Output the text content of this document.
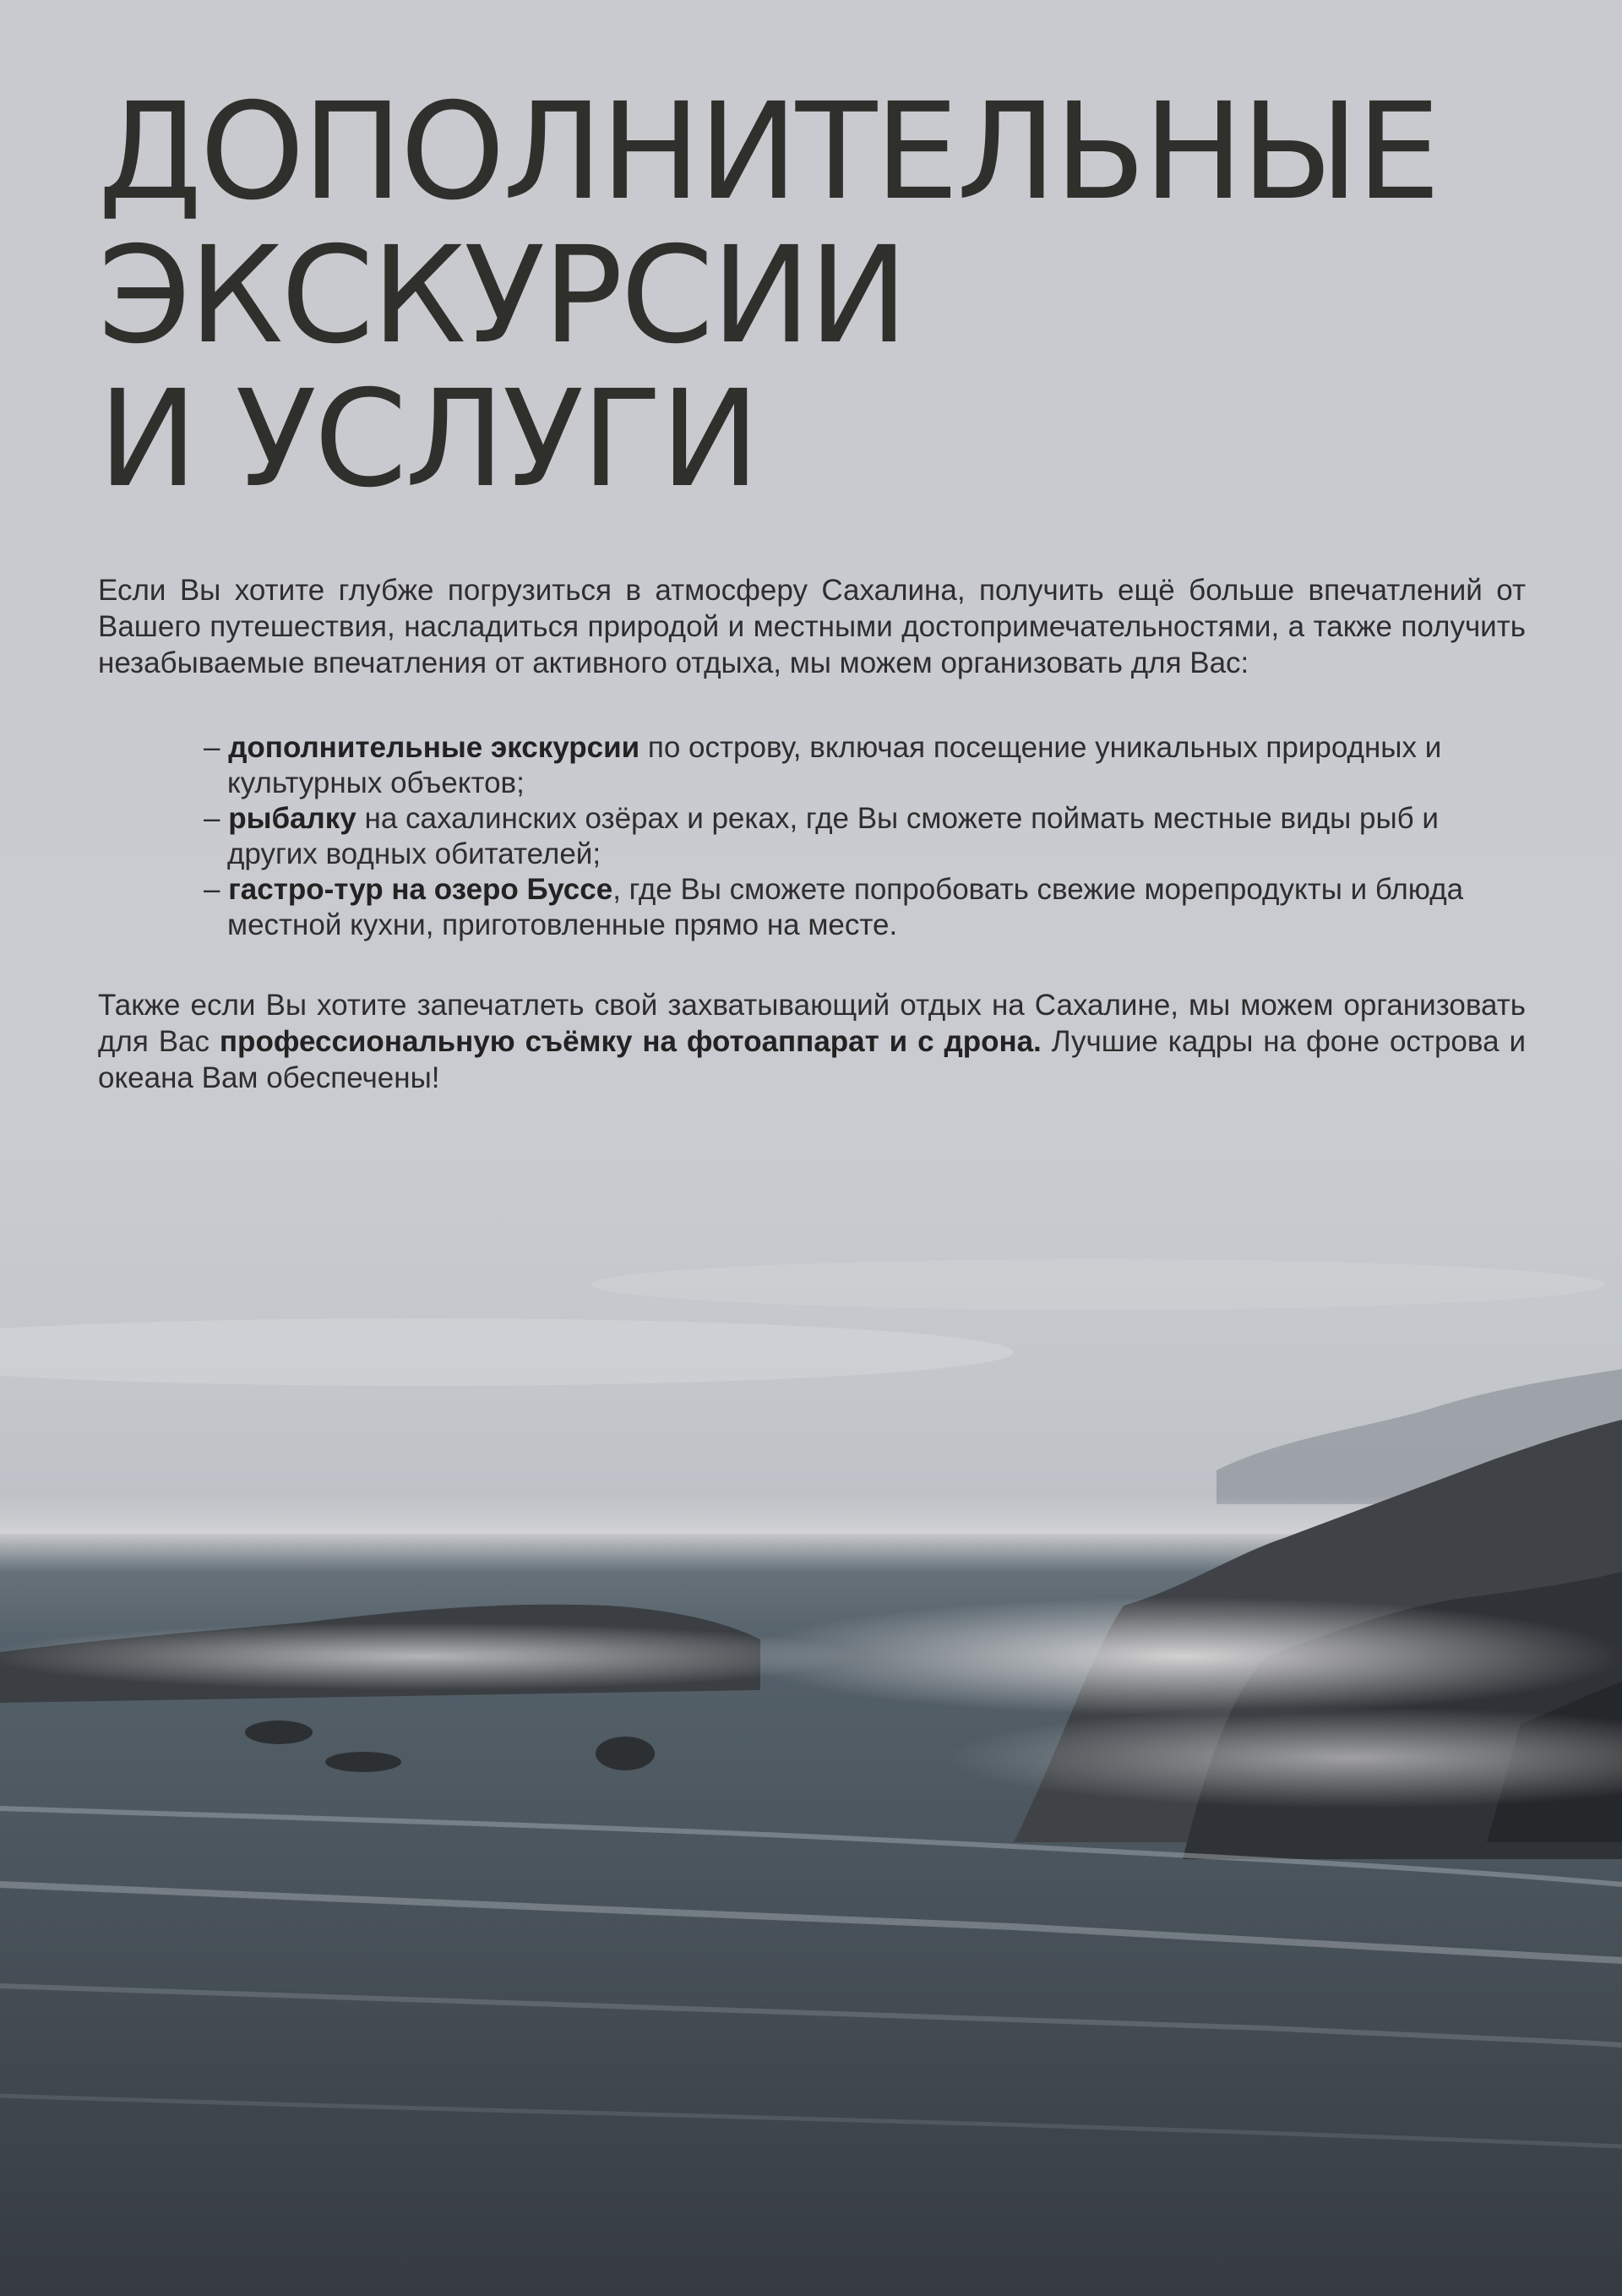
ДОПОЛНИТЕЛЬНЫЕ
ЭКСКУРСИИ
И УСЛУГИ

Если Вы хотите глубже погрузиться в атмосферу Сахалина, получить ещё больше впечатлений от Вашего путешествия, насладиться природой и местными достопримечательностями, а также получить незабываемые впечатления от активного отдыха, мы можем организовать для Вас:

– дополнительные экскурсии по острову, включая посещение уникальных природных и культурных объектов;
– рыбалку на сахалинских озёрах и реках, где Вы сможете поймать местные виды рыб и других водных обитателей;
– гастро-тур на озеро Буссе, где Вы сможете попробовать свежие морепродукты и блюда местной кухни, приготовленные прямо на месте.

Также если Вы хотите запечатлеть свой захватывающий отдых на Сахалине, мы можем организовать для Вас профессиональную съёмку на фотоаппарат и с дрона. Лучшие кадры на фоне острова и океана Вам обеспечены!
